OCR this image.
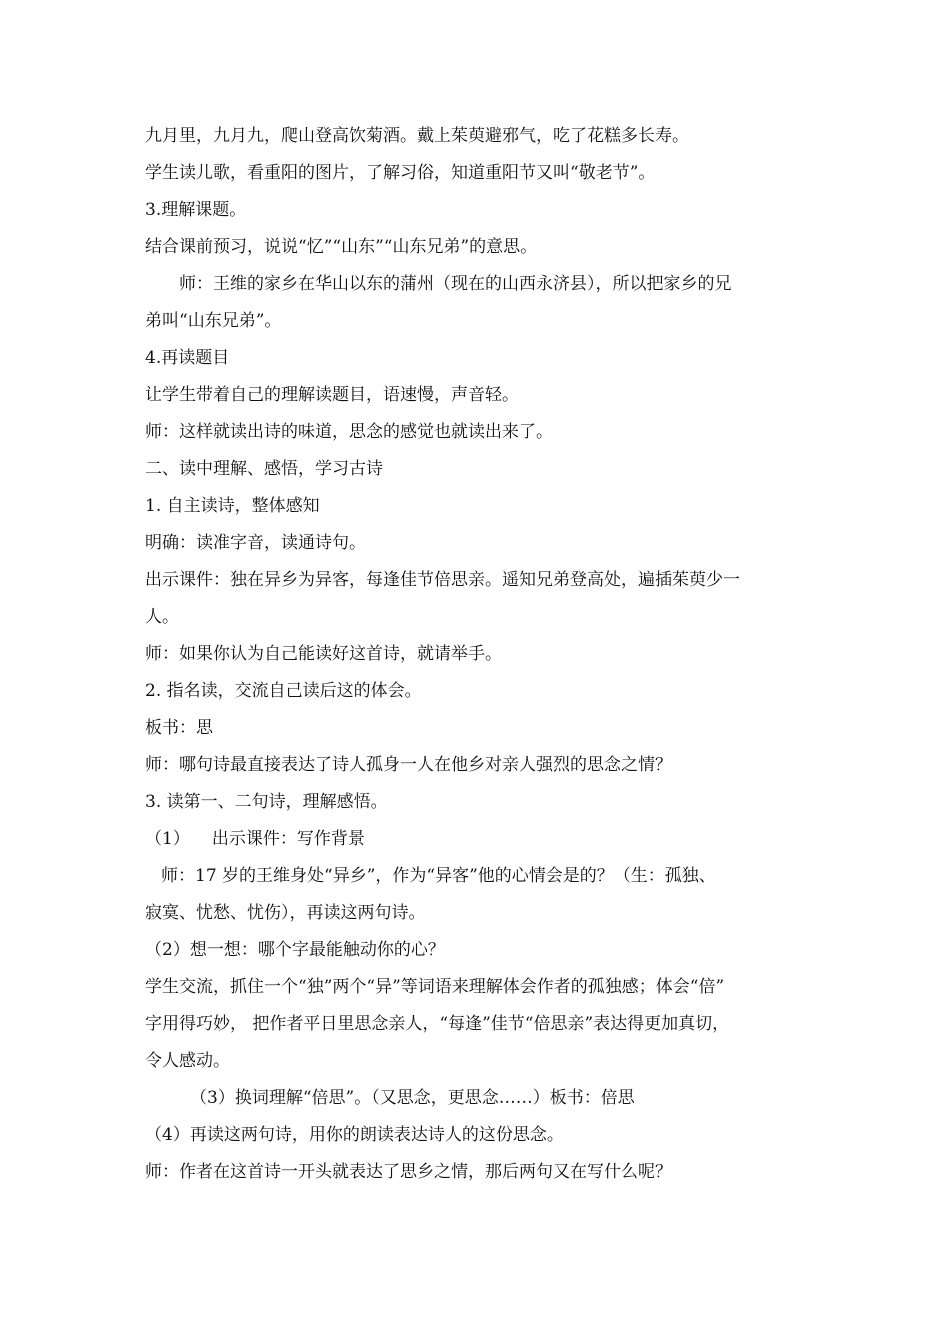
九月里，九月九，爬山登高饮菊酒。戴上茱萸避邪气，吃了花糕多长寿。
学生读儿歌，看重阳的图片，了解习俗，知道重阳节又叫“敬老节”。
3.理解课题。
结合课前预习，说说“忆”“山东”“山东兄弟”的意思。
师：王维的家乡在华山以东的蒲州（现在的山西永济县），所以把家乡的兄
弟叫“山东兄弟”。
4.再读题目
让学生带着自己的理解读题目，语速慢，声音轻。
师：这样就读出诗的味道，思念的感觉也就读出来了。
二、读中理解、感悟，学习古诗
1. 自主读诗，整体感知
明确：读准字音，读通诗句。
出示课件：独在异乡为异客，每逢佳节倍思亲。遥知兄弟登高处，遍插茱萸少一
人。
师：如果你认为自己能读好这首诗，就请举手。
2. 指名读，交流自己读后这的体会。
板书：思
师：哪句诗最直接表达了诗人孤身一人在他乡对亲人强烈的思念之情？
3. 读第一、二句诗，理解感悟。
（1） 出示课件：写作背景
师：17 岁的王维身处“异乡”，作为“异客”他的心情会是的？（生：孤独、
寂寞、忧愁、忧伤），再读这两句诗。
（2）想一想：哪个字最能触动你的心？
学生交流，抓住一个“独”两个“异”等词语来理解体会作者的孤独感；体会“倍”
字用得巧妙， 把作者平日里思念亲人，“每逢”佳节“倍思亲”表达得更加真切，
令人感动。
（3）换词理解“倍思”。（又思念，更思念……）板书：倍思
（4）再读这两句诗，用你的朗读表达诗人的这份思念。
师：作者在这首诗一开头就表达了思乡之情，那后两句又在写什么呢？
